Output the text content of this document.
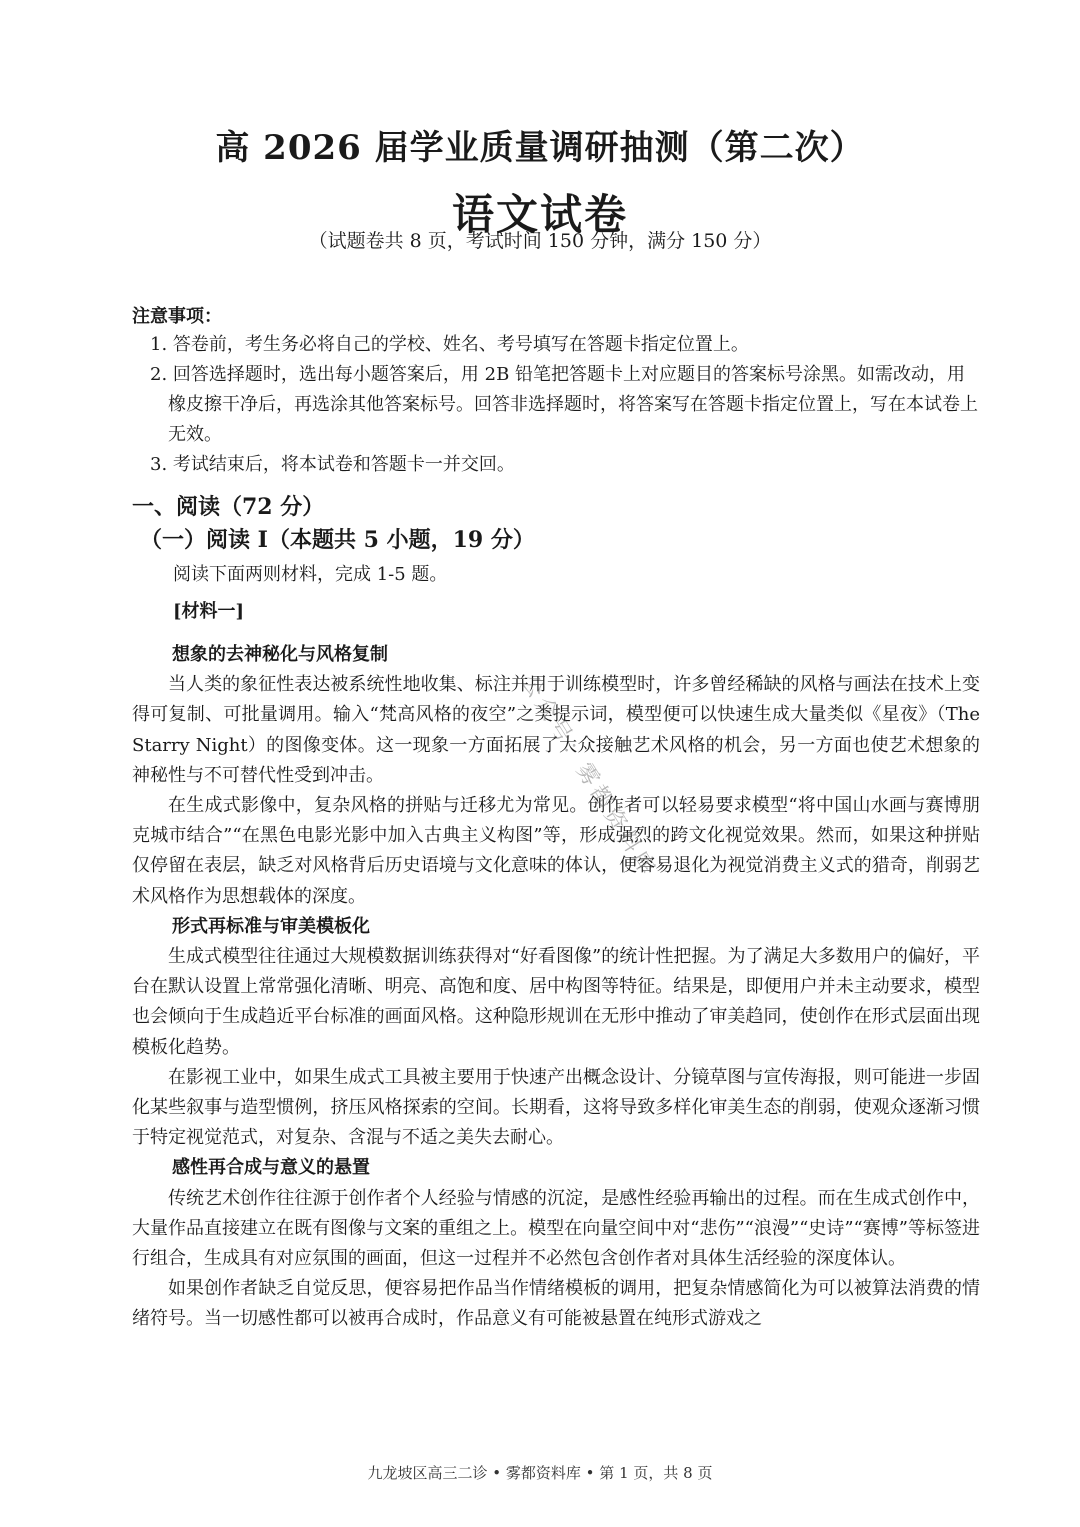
高 2026 届学业质量调研抽测（第二次）
语文试卷
（试题卷共 8 页，考试时间 150 分钟，满分 150 分）
注意事项：

1. 答卷前，考生务必将自己的学校、姓名、考号填写在答题卡指定位置上。

2. 回答选择题时，选出每小题答案后，用 2B 铅笔把答题卡上对应题目的答案标号涂黑。如需改动，用橡皮擦干净后，再选涂其他答案标号。回答非选择题时，将答案写在答题卡指定位置上，写在本试卷上无效。

3. 考试结束后，将本试卷和答题卡一并交回。

一、阅读（72 分）
（一）阅读 I（本题共 5 小题，19 分）
阅读下面两则材料，完成 1-5 题。
[材料一]
想象的去神秘化与风格复制

当人类的象征性表达被系统性地收集、标注并用于训练模型时，许多曾经稀缺的风格与画法在技术上变得可复制、可批量调用。输入“梵高风格的夜空”之类提示词，模型便可以快速生成大量类似《星夜》（The Starry Night）的图像变体。这一现象一方面拓展了大众接触艺术风格的机会，另一方面也使艺术想象的神秘性与不可替代性受到冲击。

在生成式影像中，复杂风格的拼贴与迁移尤为常见。创作者可以轻易要求模型“将中国山水画与赛博朋克城市结合”“在黑色电影光影中加入古典主义构图”等，形成强烈的跨文化视觉效果。然而，如果这种拼贴仅停留在表层，缺乏对风格背后历史语境与文化意味的体认，便容易退化为视觉消费主义式的猎奇，削弱艺术风格作为思想载体的深度。

形式再标准与审美模板化

生成式模型往往通过大规模数据训练获得对“好看图像”的统计性把握。为了满足大多数用户的偏好，平台在默认设置上常常强化清晰、明亮、高饱和度、居中构图等特征。结果是，即便用户并未主动要求，模型也会倾向于生成趋近平台标准的画面风格。这种隐形规训在无形中推动了审美趋同，使创作在形式层面出现模板化趋势。

在影视工业中，如果生成式工具被主要用于快速产出概念设计、分镜草图与宣传海报，则可能进一步固化某些叙事与造型惯例，挤压风格探索的空间。长期看，这将导致多样化审美生态的削弱，使观众逐渐习惯于特定视觉范式，对复杂、含混与不适之美失去耐心。

感性再合成与意义的悬置

传统艺术创作往往源于创作者个人经验与情感的沉淀，是感性经验再输出的过程。而在生成式创作中，大量作品直接建立在既有图像与文案的重组之上。模型在向量空间中对“悲伤”“浪漫”“史诗”“赛博”等标签进行组合，生成具有对应氛围的画面，但这一过程并不必然包含创作者对具体生活经验的深度体认。

如果创作者缺乏自觉反思，便容易把作品当作情绪模板的调用，把复杂情感简化为可以被算法消费的情绪符号。当一切感性都可以被再合成时，作品意义有可能被悬置在纯形式游戏之

公众号：雾都资料库
九龙坡区高三二诊 • 雾都资料库 • 第 1 页，共 8 页
